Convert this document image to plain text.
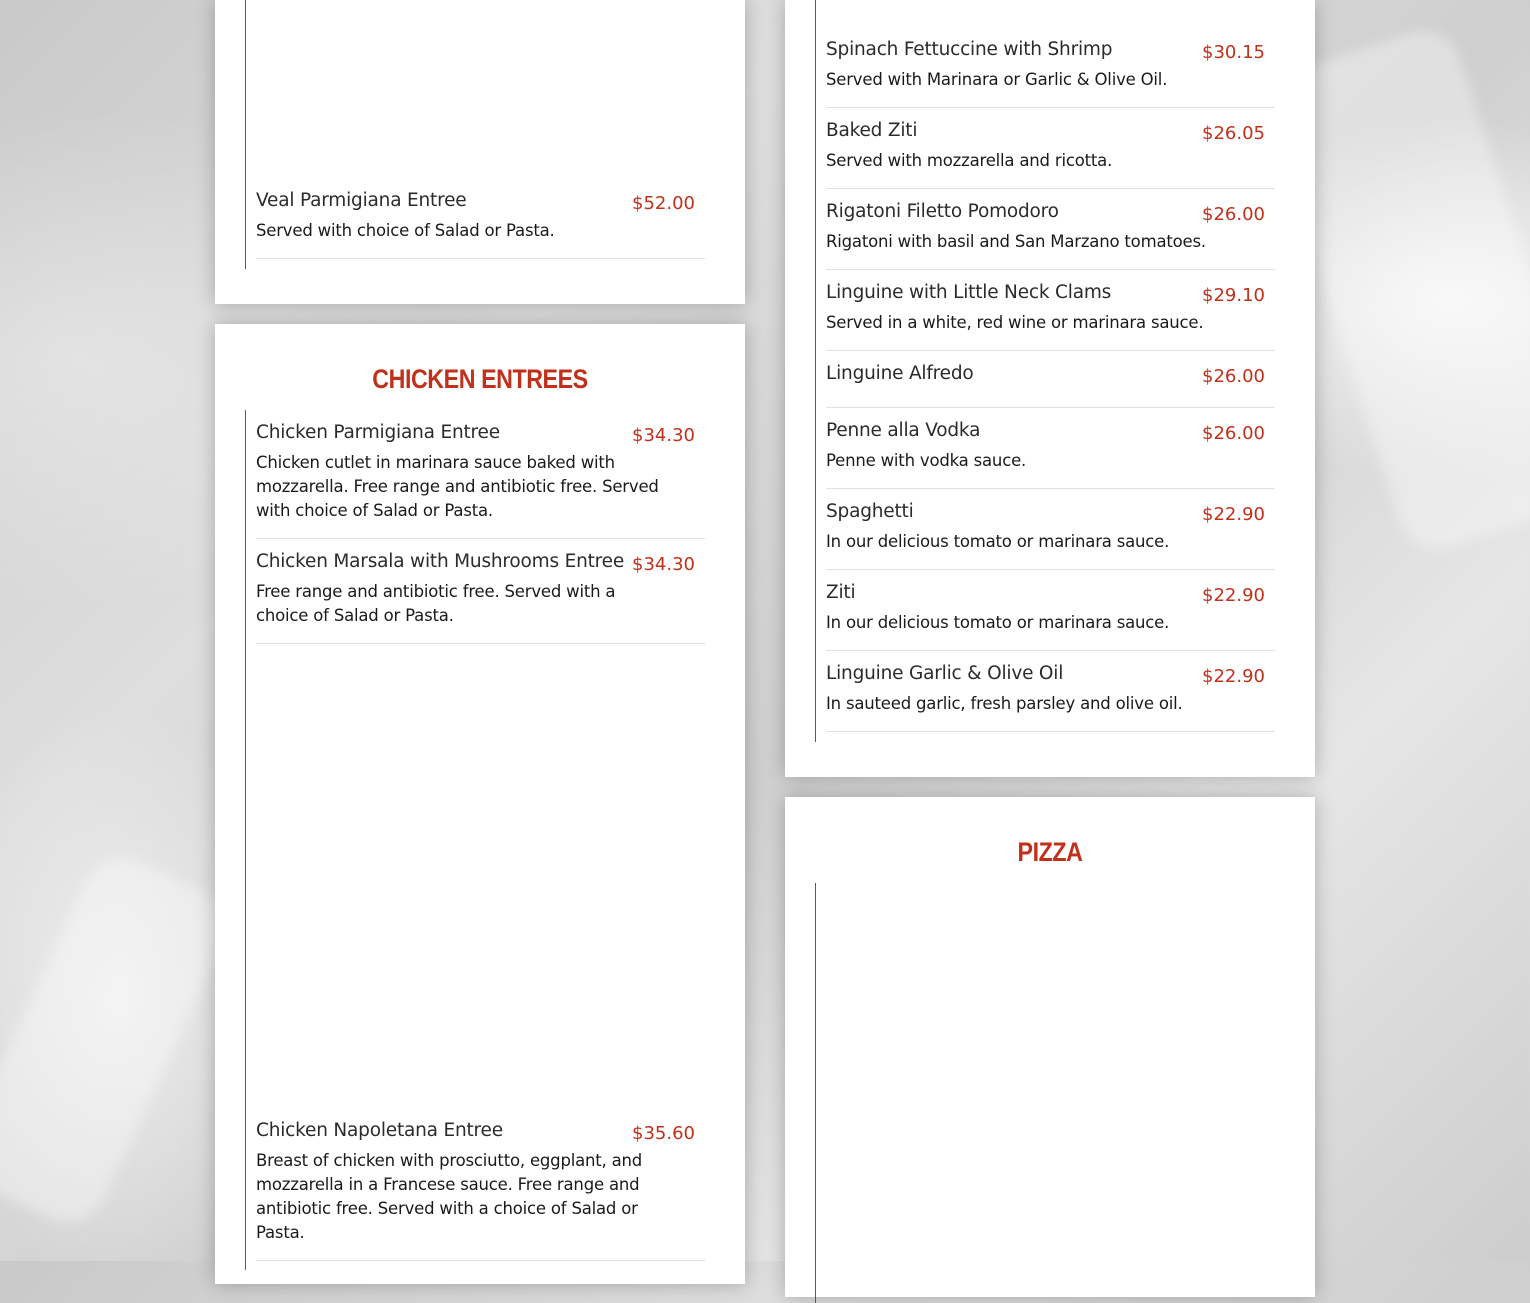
Veal Parmigiana Entree	$52.00
Served with choice of Salad or Pasta.
CHICKEN ENTREES
Chicken Parmigiana Entree	$34.30
Chicken cutlet in marinara sauce baked with mozzarella. Free range and antibiotic free. Served with choice of Salad or Pasta.
Chicken Marsala with Mushrooms Entree $34.30
Free range and antibiotic free. Served with a choice of Salad or Pasta.
Chicken Napoletana Entree	$35.60
Breast of chicken with prosciutto, eggplant, and mozzarella in a Francese sauce. Free range and antibiotic free. Served with a choice of Salad or Pasta.
Spinach Fettuccine with Shrimp	$30.15
Served with Marinara or Garlic & Olive Oil.
Baked Ziti	$26.05
Served with mozzarella and ricotta.
Rigatoni Filetto Pomodoro	$26.00
Rigatoni with basil and San Marzano tomatoes.
Linguine with Little Neck Clams	$29.10
Served in a white, red wine or marinara sauce.
Linguine Alfredo	$26.00
Penne alla Vodka	$26.00
Penne with vodka sauce.
Spaghetti	$22.90
In our delicious tomato or marinara sauce.
Ziti	$22.90
In our delicious tomato or marinara sauce.
Linguine Garlic & Olive Oil	$22.90
In sauteed garlic, fresh parsley and olive oil.
PIZZA
